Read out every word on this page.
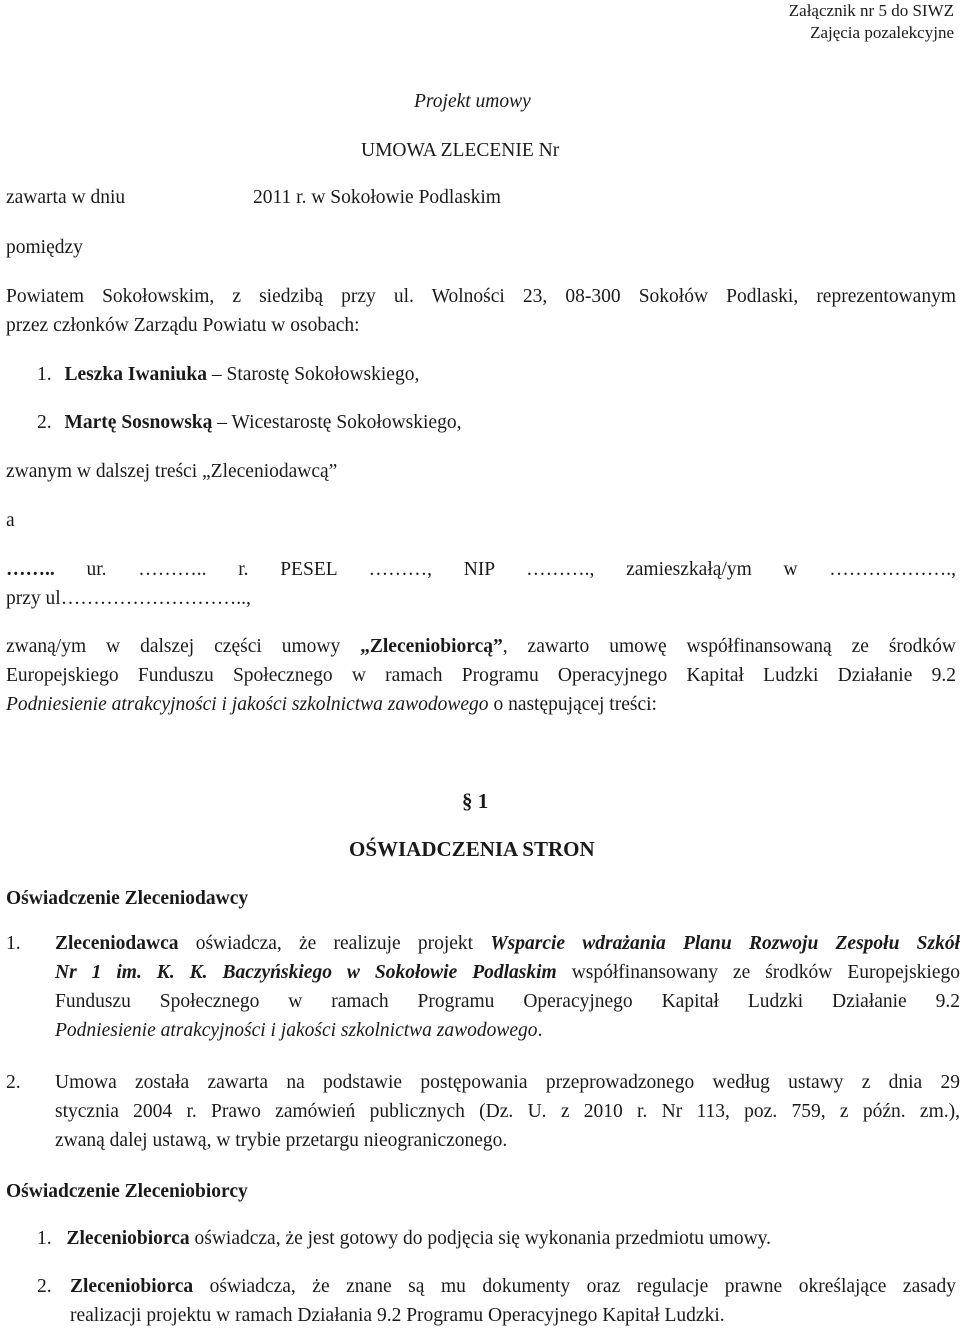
Załącznik nr 5 do SIWZ
Zajęcia pozalekcyjne
Projekt umowy
UMOWA ZLECENIE Nr
zawarta w dniu	2011 r. w Sokołowie Podlaskim
pomiędzy
Powiatem Sokołowskim, z siedzibą przy ul. Wolności 23, 08-300 Sokołów Podlaski, reprezentowanym
przez członków Zarządu Powiatu w osobach:
1. Leszka Iwaniuka – Starostę Sokołowskiego,
2. Martę Sosnowską – Wicestarostę Sokołowskiego,
zwanym w dalszej treści „Zleceniodawcą”
a
…….. ur. ……….. r. PESEL ………, NIP ………., zamieszkałą/ym w ……………….,
przy ul………………………..,
zwaną/ym w dalszej części umowy „Zleceniobiorcą”, zawarto umowę współfinansowaną ze środków
Europejskiego Funduszu Społecznego w ramach Programu Operacyjnego Kapitał Ludzki Działanie 9.2
Podniesienie atrakcyjności i jakości szkolnictwa zawodowego o następującej treści:
§ 1
OŚWIADCZENIA STRON
Oświadczenie Zleceniodawcy
1. Zleceniodawca oświadcza, że realizuje projekt Wsparcie wdrażania Planu Rozwoju Zespołu Szkół
Nr 1 im. K. K. Baczyńskiego w Sokołowie Podlaskim współfinansowany ze środków Europejskiego
Funduszu Społecznego w ramach Programu Operacyjnego Kapitał Ludzki Działanie 9.2
Podniesienie atrakcyjności i jakości szkolnictwa zawodowego.
2. Umowa została zawarta na podstawie postępowania przeprowadzonego według ustawy z dnia 29
stycznia 2004 r. Prawo zamówień publicznych (Dz. U. z 2010 r. Nr 113, poz. 759, z późn. zm.),
zwaną dalej ustawą, w trybie przetargu nieograniczonego.
Oświadczenie Zleceniobiorcy
1. Zleceniobiorca oświadcza, że jest gotowy do podjęcia się wykonania przedmiotu umowy.
2. Zleceniobiorca oświadcza, że znane są mu dokumenty oraz regulacje prawne określające zasady
realizacji projektu w ramach Działania 9.2 Programu Operacyjnego Kapitał Ludzki.
